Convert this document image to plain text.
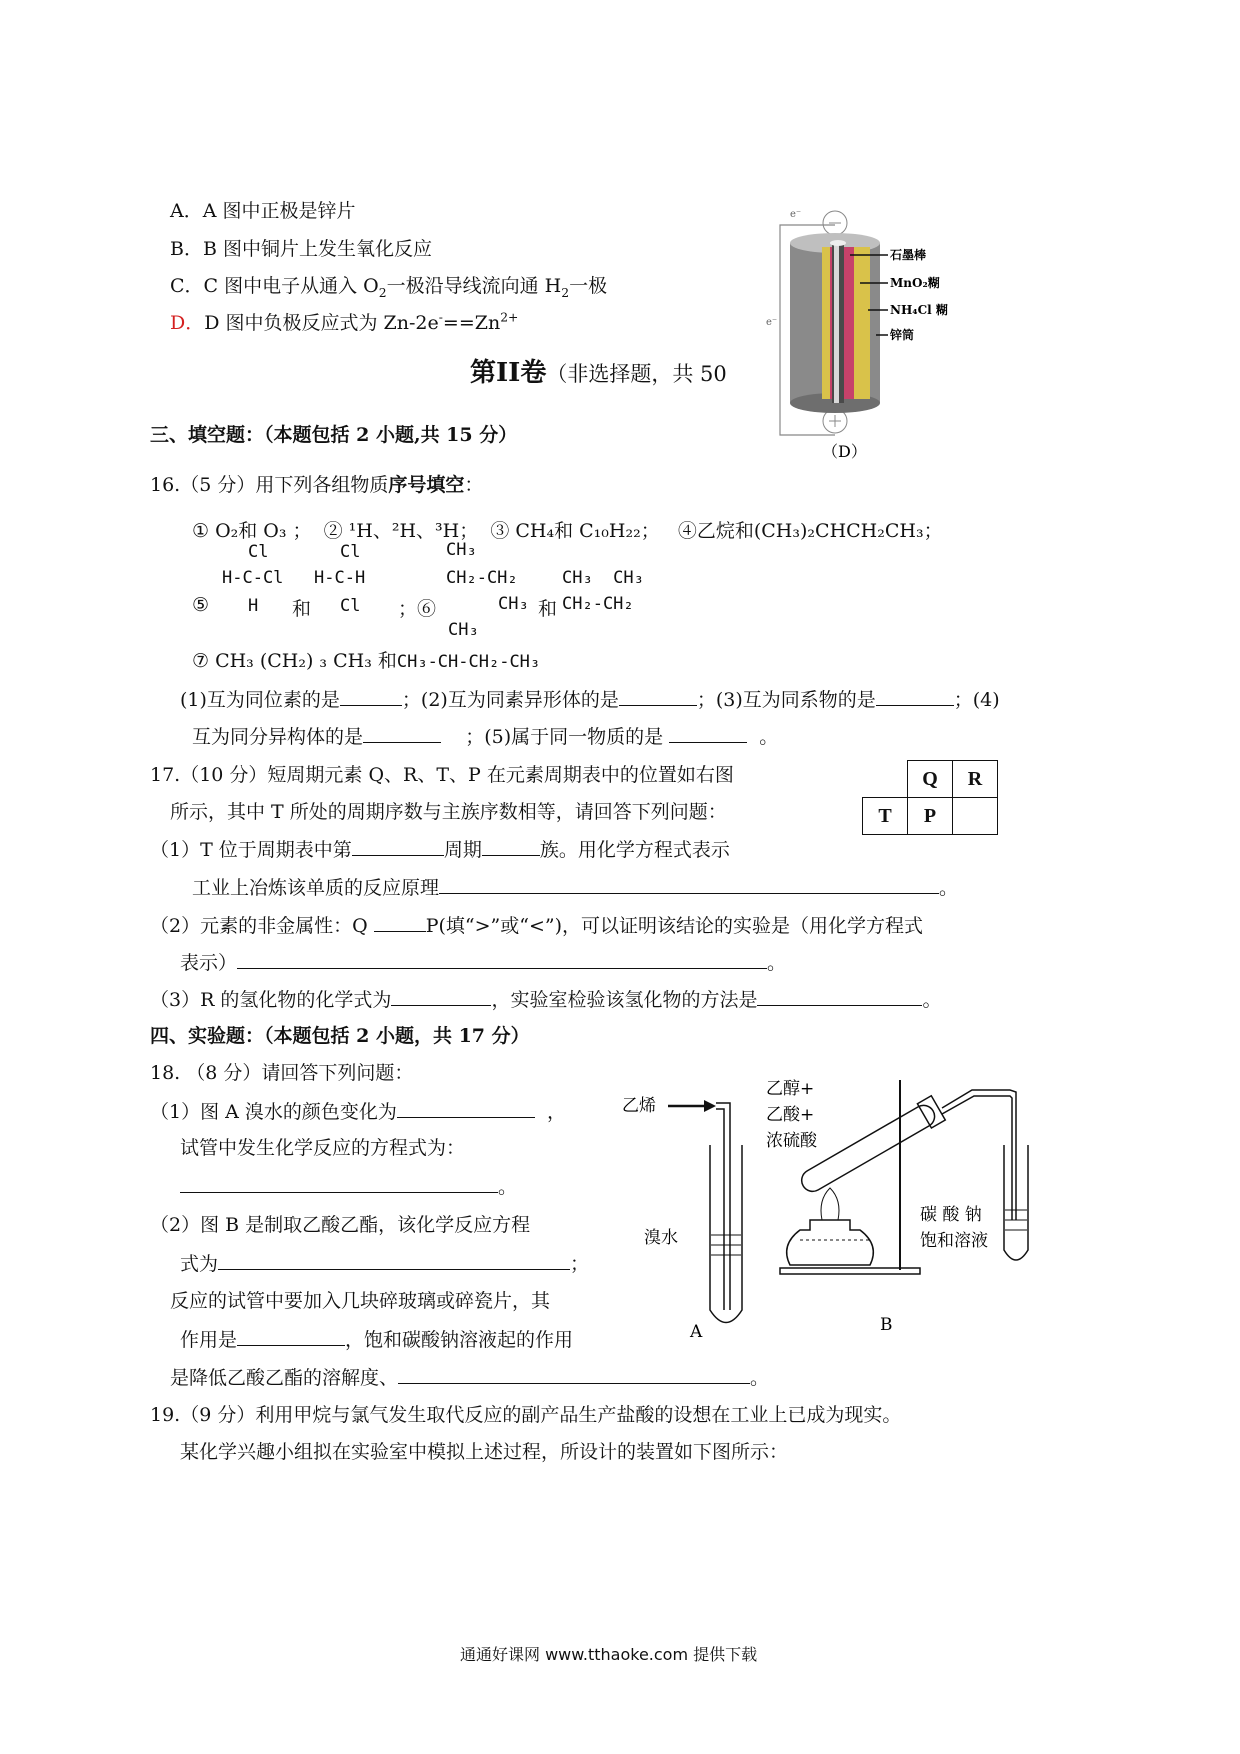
A．A 图中正极是锌片
B．B 图中铜片上发生氧化反应
C．C 图中电子从通入 $O_2$一极沿导线流向通 $H_2$一极
D．D 图中负极反应式为 $Zn-2e^-==Zn^{2+}$
e⁻
e⁻
石墨棒
MnO₂糊
NH₄Cl 糊
锌筒
（D）
第II卷（非选择题，共 50
三、填空题：（本题包括 2 小题,共 15 分）
16.（5 分）用下列各组物质序号填空：
① O₂和 O₃ ； ② ¹H、²H、³H； ③ CH₄和 C₁₀H₂₂； ④乙烷和(CH₃)₂CHCH₂CH₃；
Cl
H-C-Cl
H
Cl
H-C-H
Cl
⑤	和	；⑥
CH₃
CH₂-CH₂
CH₃ 和
CH₃  CH₃
CH₂-CH₂
CH₃
⑦ CH₃ (CH₂) ₃ CH₃ 和CH₃-CH-CH₂-CH₃
(1)互为同位素的是	；(2)互为同素异形体的是	；(3)互为同系物的是	；(4)
互为同分异构体的是	；(5)属于同一物质的是	。
17.（10 分）短周期元素 Q、R、T、P 在元素周期表中的位置如右图
所示，其中 T 所处的周期序数与主族序数相等，请回答下列问题：
	Q	R
T	P	
（1）T 位于周期表中第	周期	族。用化学方程式表示
工业上冶炼该单质的反应原理	。
（2）元素的非金属性：Q	P(填“>”或“<”)，可以证明该结论的实验是（用化学方程式
表示）	。
（3）R 的氢化物的化学式为	，实验室检验该氢化物的方法是	。
四、实验题：（本题包括 2 小题，共 17 分）
18. （8 分）请回答下列问题：
（1）图 A 溴水的颜色变化为	，
试管中发生化学反应的方程式为：
。
（2）图 B 是制取乙酸乙酯，该化学反应方程
式为	；
反应的试管中要加入几块碎玻璃或碎瓷片，其
作用是	，饱和碳酸钠溶液起的作用
是降低乙酸乙酯的溶解度、	。
乙烯
溴水
A
乙醇+
乙酸+
浓硫酸
碳 酸 钠
饱和溶液
B
19.（9 分）利用甲烷与氯气发生取代反应的副产品生产盐酸的设想在工业上已成为现实。
某化学兴趣小组拟在实验室中模拟上述过程，所设计的装置如下图所示：
通通好课网 www.tthaoke.com 提供下载
